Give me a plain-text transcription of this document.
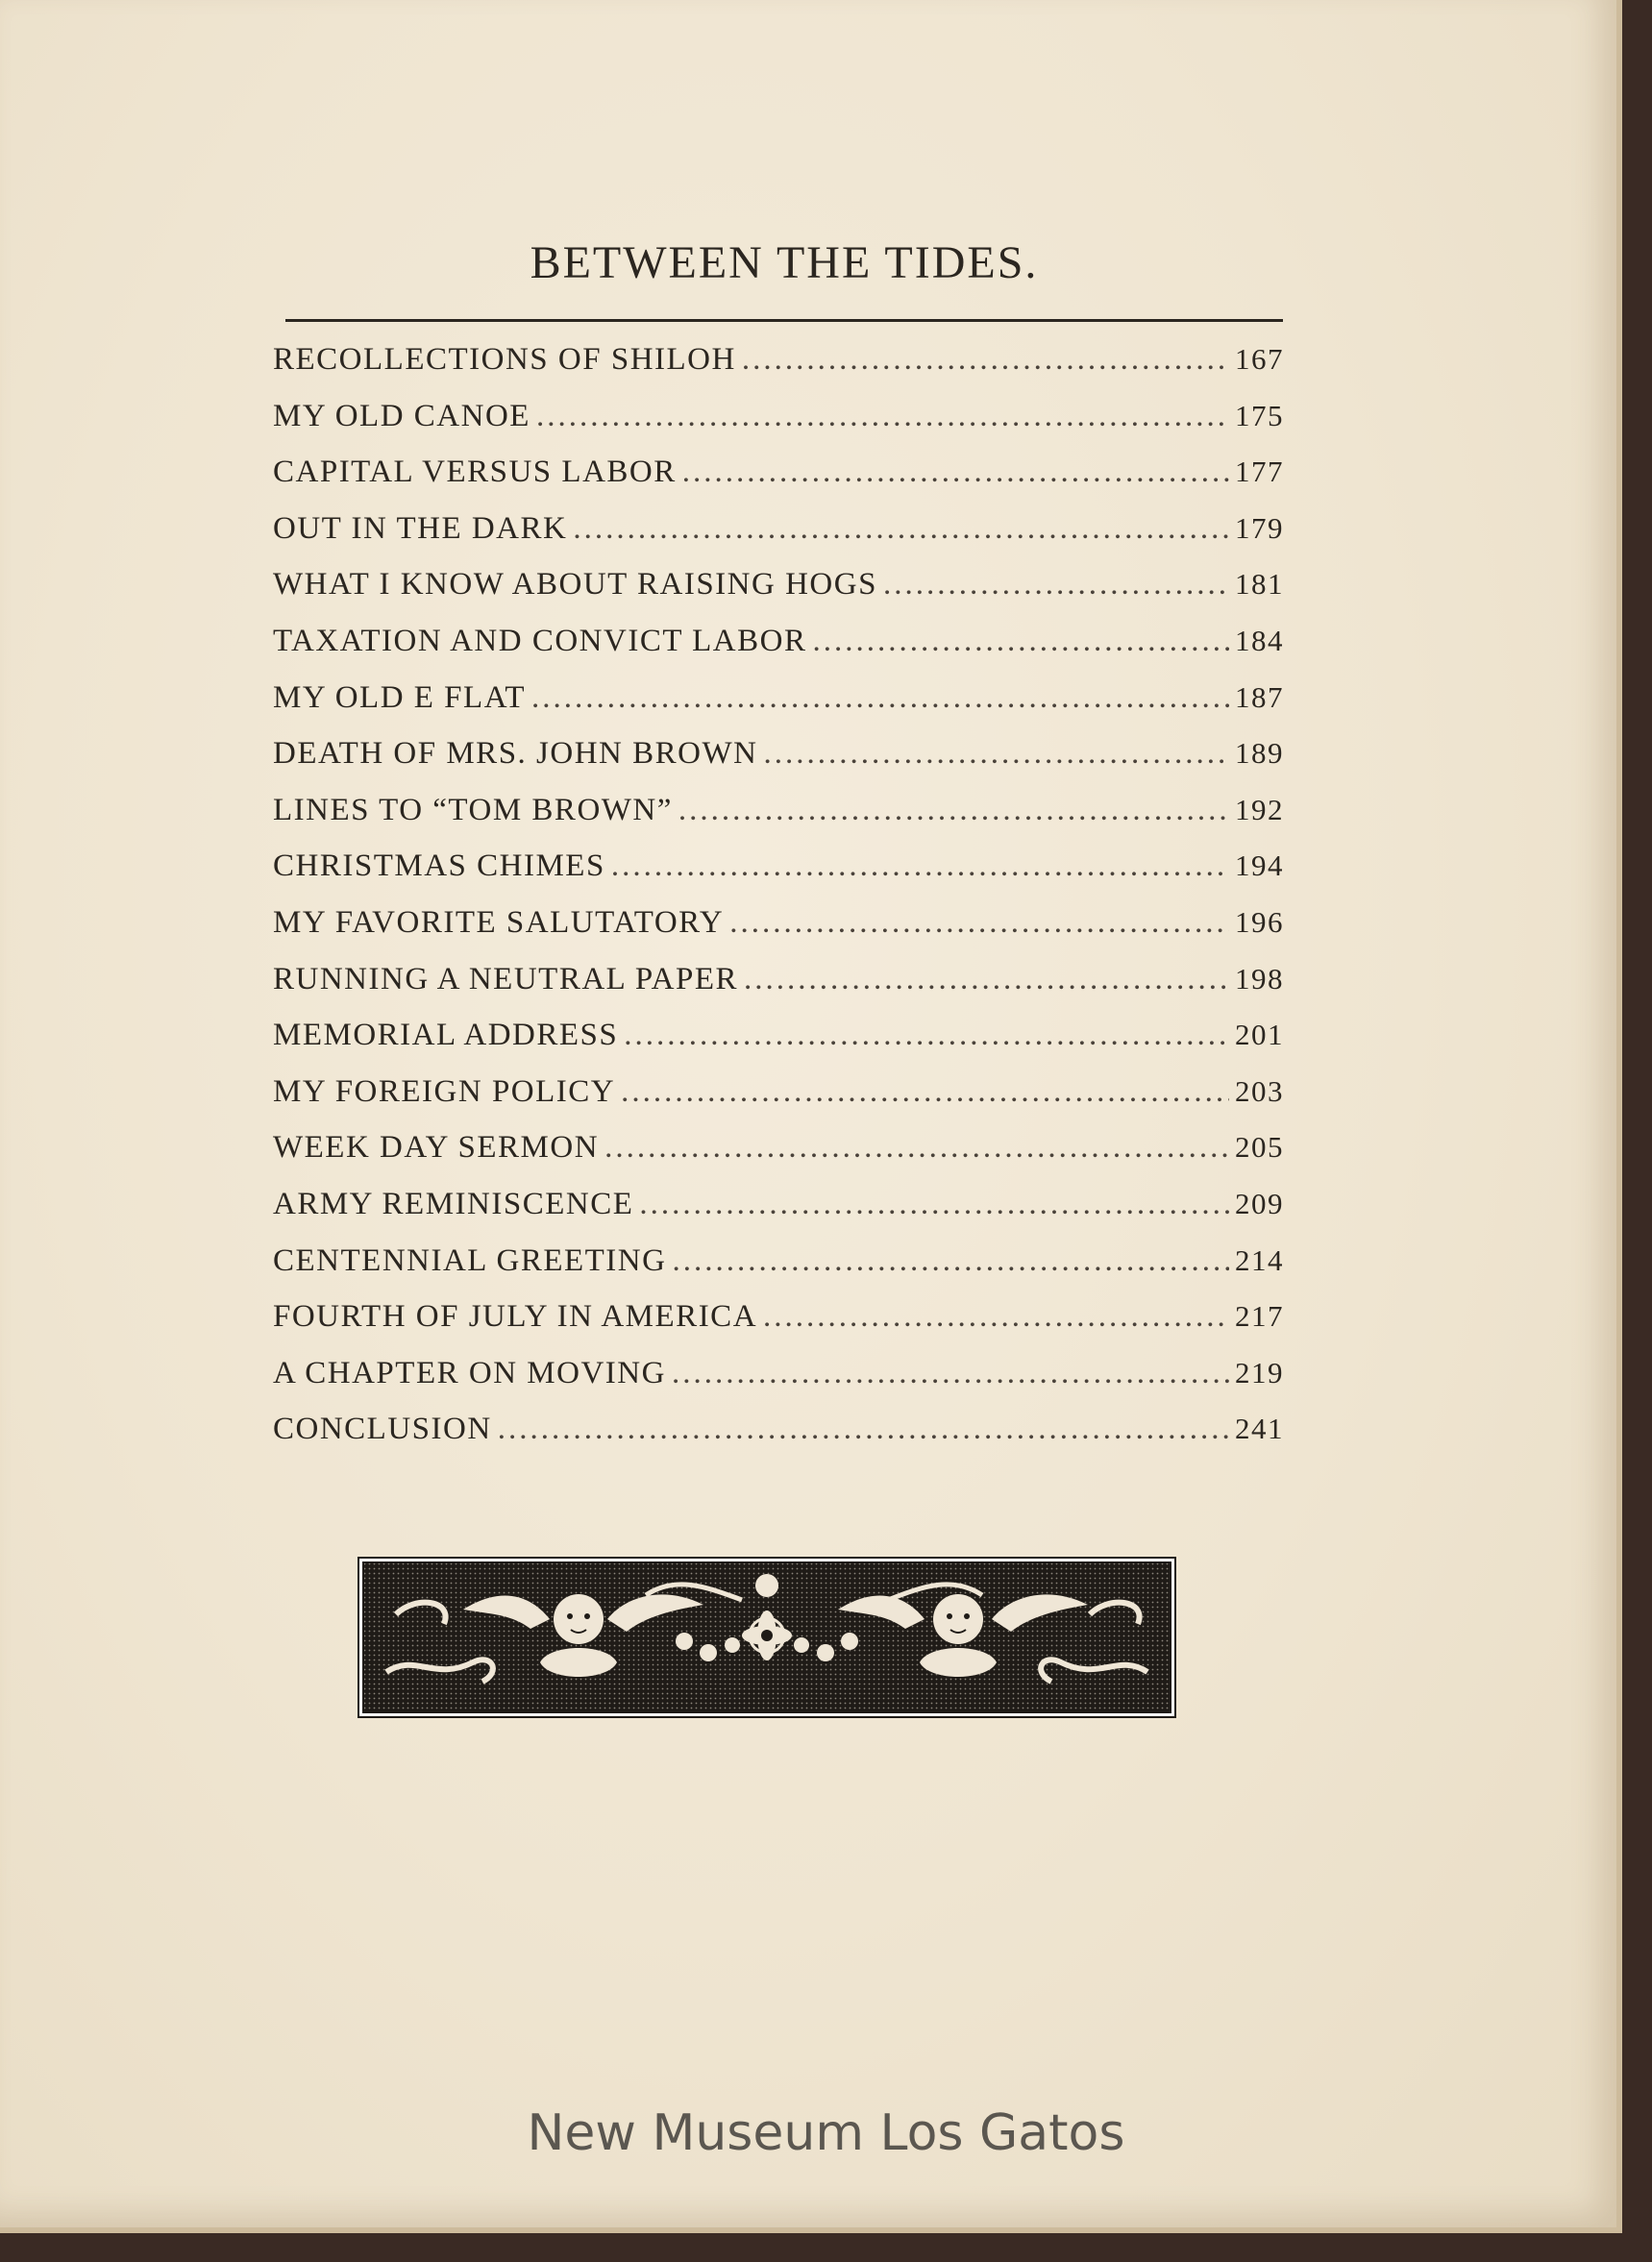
BETWEEN THE TIDES.
RECOLLECTIONS OF SHILOH .....	167
MY OLD CANOE .....	175
CAPITAL VERSUS LABOR .....	177
OUT IN THE DARK .....	179
WHAT I KNOW ABOUT RAISING HOGS .....	181
TAXATION AND CONVICT LABOR .....	184
MY OLD E FLAT .....	187
DEATH OF MRS. JOHN BROWN .....	189
LINES TO “TOM BROWN” .....	192
CHRISTMAS CHIMES .....	194
MY FAVORITE SALUTATORY .....	196
RUNNING A NEUTRAL PAPER .....	198
MEMORIAL ADDRESS .....	201
MY FOREIGN POLICY .....	203
WEEK DAY SERMON .....	205
ARMY REMINISCENCE .....	209
CENTENNIAL GREETING .....	214
FOURTH OF JULY IN AMERICA .....	217
A CHAPTER ON MOVING .....	219
CONCLUSION .....	241
New Museum Los Gatos
